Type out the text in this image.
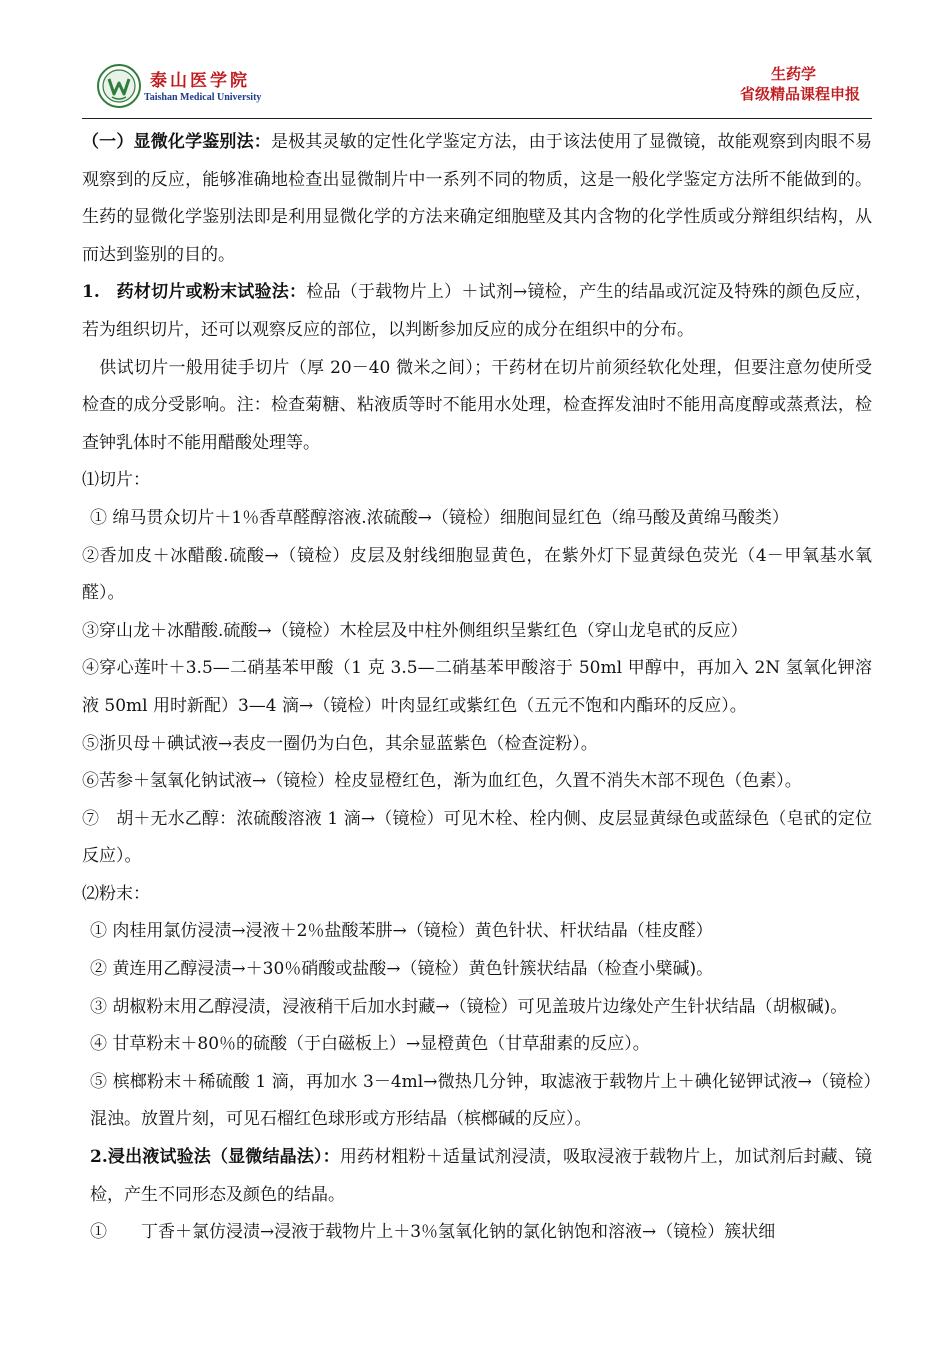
泰山医学院
Taishan Medical University
生药学
省级精品课程申报

（一）显微化学鉴别法：是极其灵敏的定性化学鉴定方法，由于该法使用了显微镜，故能观察到肉眼不易观察到的反应，能够准确地检查出显微制片中一系列不同的物质，这是一般化学鉴定方法所不能做到的。生药的显微化学鉴别法即是利用显微化学的方法来确定细胞壁及其内含物的化学性质或分辩组织结构，从而达到鉴别的目的。

1. 药材切片或粉末试验法：检品（于载物片上）＋试剂→镜检，产生的结晶或沉淀及特殊的颜色反应，若为组织切片，还可以观察反应的部位，以判断参加反应的成分在组织中的分布。

　供试切片一般用徒手切片（厚 20－40 微米之间）；干药材在切片前须经软化处理，但要注意勿使所受检查的成分受影响。注：检查菊糖、粘液质等时不能用水处理，检查挥发油时不能用高度醇或蒸煮法，检查钟乳体时不能用醋酸处理等。

⑴切片：

① 绵马贯众切片＋1％香草醛醇溶液.浓硫酸→（镜检）细胞间显红色（绵马酸及黄绵马酸类）

②香加皮＋冰醋酸.硫酸→（镜检）皮层及射线细胞显黄色，在紫外灯下显黄绿色荧光（4－甲氧基水氧醛）。

③穿山龙＋冰醋酸.硫酸→（镜检）木栓层及中柱外侧组织呈紫红色（穿山龙皂甙的反应）

④穿心莲叶＋3.5—二硝基苯甲酸（1 克 3.5—二硝基苯甲酸溶于 50ml 甲醇中，再加入 2N 氢氧化钾溶液 50ml 用时新配）3—4 滴→（镜检）叶肉显红或紫红色（五元不饱和内酯环的反应）。

⑤浙贝母＋碘试液→表皮一圈仍为白色，其余显蓝紫色（检查淀粉）。

⑥苦参＋氢氧化钠试液→（镜检）栓皮显橙红色，渐为血红色，久置不消失木部不现色（色素）。

⑦　胡＋无水乙醇：浓硫酸溶液 1 滴→（镜检）可见木栓、栓内侧、皮层显黄绿色或蓝绿色（皂甙的定位反应）。

⑵粉末：

① 肉桂用氯仿浸渍→浸液＋2％盐酸苯肼→（镜检）黄色针状、杆状结晶（桂皮醛）

② 黄连用乙醇浸渍→＋30％硝酸或盐酸→（镜检）黄色针簇状结晶（检查小檗碱)。

③ 胡椒粉末用乙醇浸渍，浸液稍干后加水封藏→（镜检）可见盖玻片边缘处产生针状结晶（胡椒碱)。

④ 甘草粉末＋80％的硫酸（于白磁板上）→显橙黄色（甘草甜素的反应）。

⑤ 槟榔粉末＋稀硫酸 1 滴，再加水 3－4ml→微热几分钟，取滤液于载物片上＋碘化铋钾试液→（镜检）混浊。放置片刻，可见石榴红色球形或方形结晶（槟榔碱的反应）。

2.浸出液试验法（显微结晶法）：用药材粗粉＋适量试剂浸渍，吸取浸液于载物片上，加试剂后封藏、镜检，产生不同形态及颜色的结晶。

①　　丁香＋氯仿浸渍→浸液于载物片上＋3％氢氧化钠的氯化钠饱和溶液→（镜检）簇状细
